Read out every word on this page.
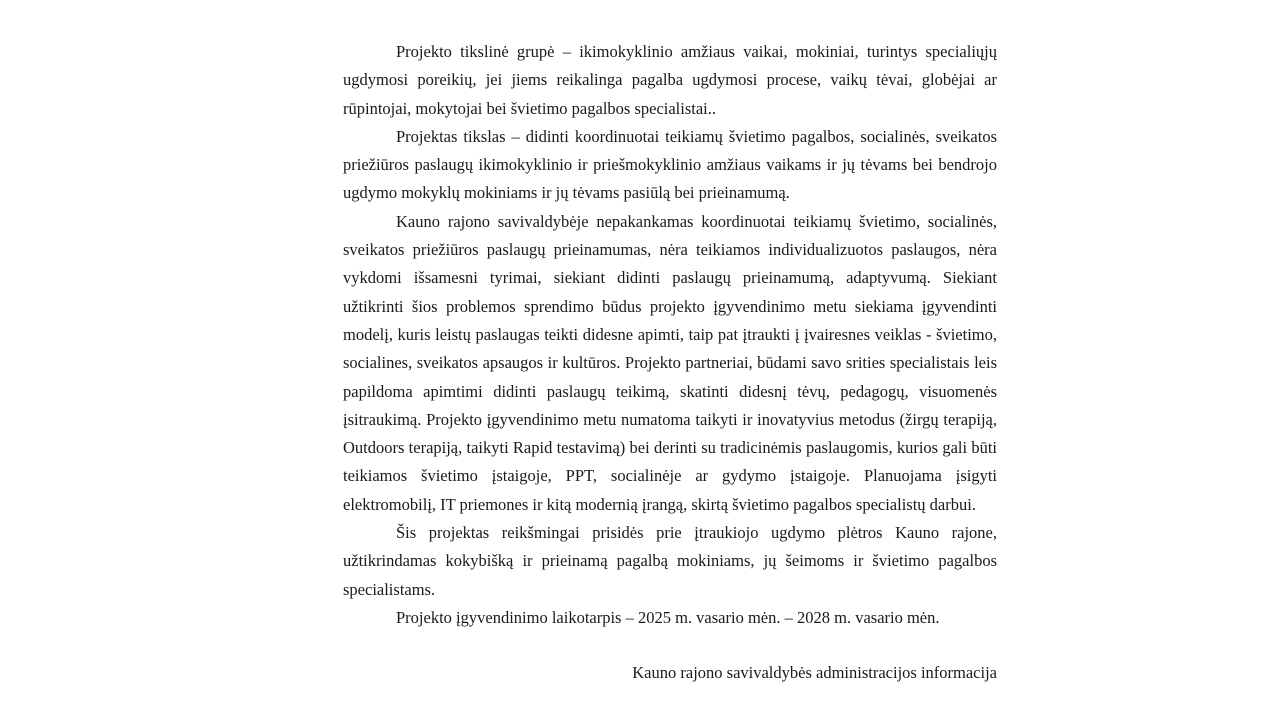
Projekto tikslinė grupė – ikimokyklinio amžiaus vaikai, mokiniai, turintys specialiųjų ugdymosi poreikių, jei jiems reikalinga pagalba ugdymosi procese, vaikų tėvai, globėjai ar rūpintojai, mokytojai bei švietimo pagalbos specialistai..

Projektas tikslas – didinti koordinuotai teikiamų švietimo pagalbos, socialinės, sveikatos priežiūros paslaugų ikimokyklinio ir priešmokyklinio amžiaus vaikams ir jų tėvams bei bendrojo ugdymo mokyklų mokiniams ir jų tėvams pasiūlą bei prieinamumą.

Kauno rajono savivaldybėje nepakankamas koordinuotai teikiamų švietimo, socialinės, sveikatos priežiūros paslaugų prieinamumas, nėra teikiamos individualizuotos paslaugos, nėra vykdomi išsamesni tyrimai, siekiant didinti paslaugų prieinamumą, adaptyvumą. Siekiant užtikrinti šios problemos sprendimo būdus projekto įgyvendinimo metu siekiama įgyvendinti modelį, kuris leistų paslaugas teikti didesne apimti, taip pat įtraukti į įvairesnes veiklas - švietimo, socialines, sveikatos apsaugos ir kultūros. Projekto partneriai, būdami savo srities specialistais leis papildoma apimtimi didinti paslaugų teikimą, skatinti didesnį tėvų, pedagogų, visuomenės įsitraukimą. Projekto įgyvendinimo metu numatoma taikyti ir inovatyvius metodus (žirgų terapiją, Outdoors terapiją, taikyti Rapid testavimą) bei derinti su tradicinėmis paslaugomis, kurios gali būti teikiamos švietimo įstaigoje, PPT, socialinėje ar gydymo įstaigoje. Planuojama įsigyti elektromobilį, IT priemones ir kitą modernią įrangą, skirtą švietimo pagalbos specialistų darbui.

Šis projektas reikšmingai prisidės prie įtraukiojo ugdymo plėtros Kauno rajone, užtikrindamas kokybišką ir prieinamą pagalbą mokiniams, jų šeimoms ir švietimo pagalbos specialistams.

Projekto įgyvendinimo laikotarpis – 2025 m. vasario mėn. – 2028 m. vasario mėn.

Kauno rajono savivaldybės administracijos informacija
